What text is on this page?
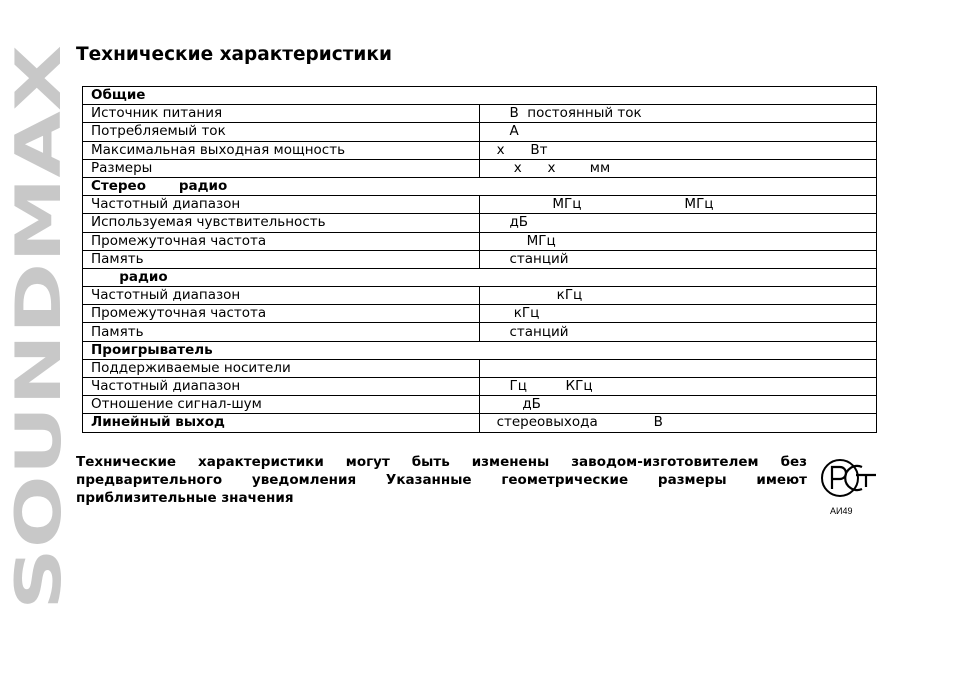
SOUNDMAX
Технические характеристики
Общие	
Источник питания	В  постоянный ток
Потребляемый ток	А
Максимальная выходная мощность	х      Вт
Размеры	х      х        мм
Стерео       радио	
Частотный диапазон	МГц                        МГц
Используемая чувствительность	дБ
Промежуточная частота	МГц
Память	станций
радио	
Частотный диапазон	кГц
Промежуточная частота	кГц
Память	станций
Проигрыватель	
Поддерживаемые носители	
Частотный диапазон	Гц         КГц
Отношение сигнал-шум	дБ
Линейный выход	стереовыхода             В

Технические характеристики могут быть изменены заводом-изготовителем без предварительного уведомления Указанные геометрические размеры имеют приблизительные значения

АИ49
